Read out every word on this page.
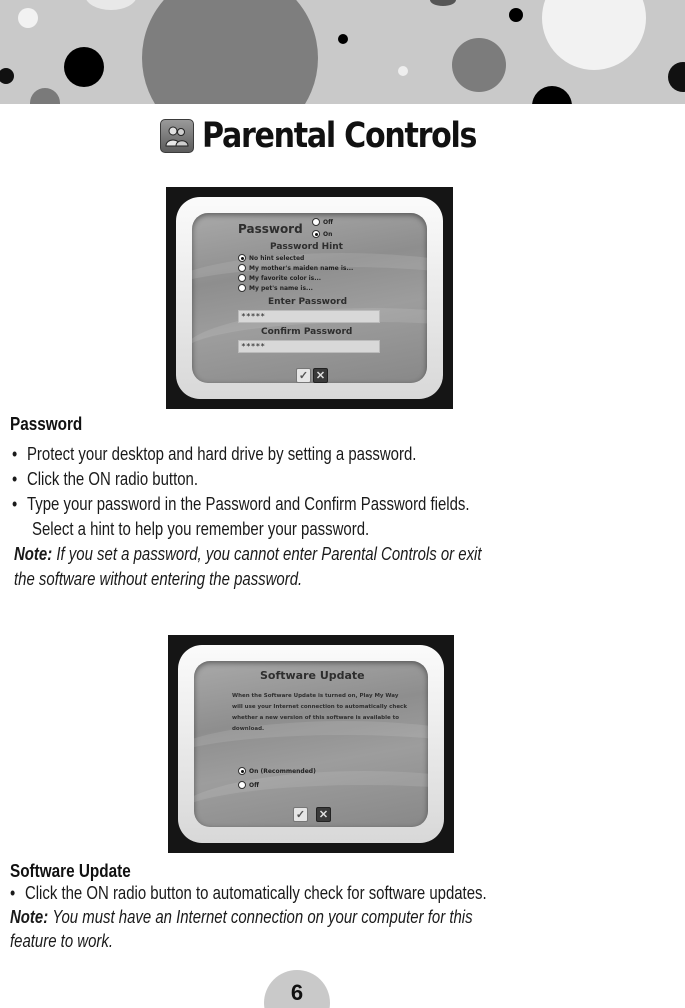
Parental Controls
Password	Off
On
Password Hint
No hint selected
My mother's maiden name is...
My favorite color is...
My pet's name is...
Enter Password
*****
Confirm Password
*****
✓ ✕
Password
• Protect your desktop and hard drive by setting a password.
• Click the ON radio button.
• Type your password in the Password and Confirm Password fields.
Select a hint to help you remember your password.
Note: If you set a password, you cannot enter Parental Controls or exit
the software without entering the password.
Software Update
When the Software Update is turned on, Play My Way
will use your Internet connection to automatically check
whether a new version of this software is available to
download.
On (Recommended)
Off
✓ ✕
Software Update
• Click the ON radio button to automatically check for software updates.
Note: You must have an Internet connection on your computer for this
feature to work.
6
